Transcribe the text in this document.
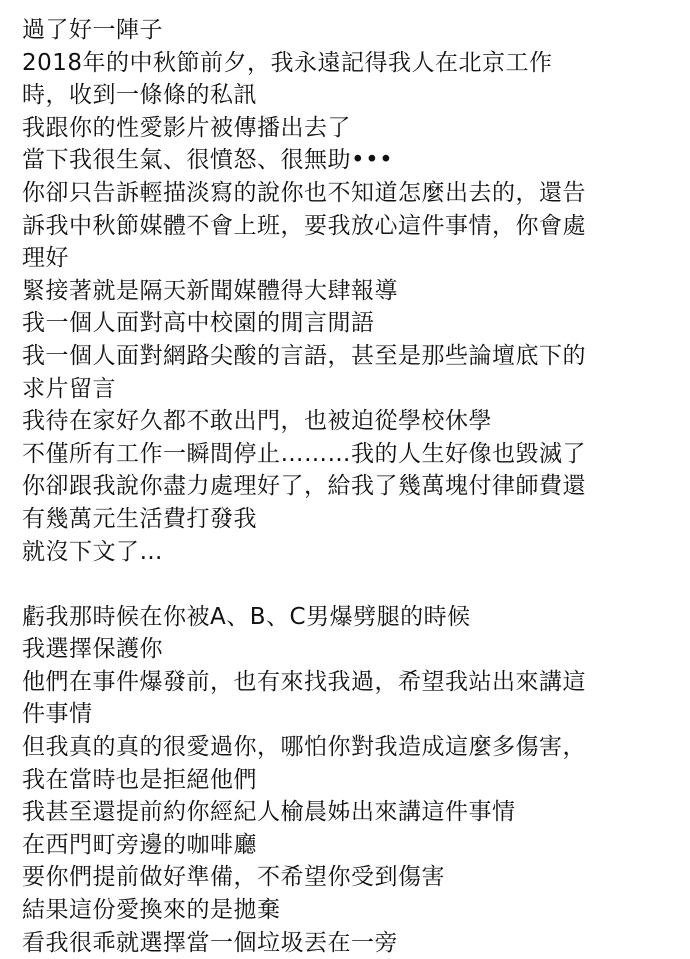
過了好一陣子
2018年的中秋節前夕，我永遠記得我人在北京工作
時，收到一條條的私訊
我跟你的性愛影片被傳播出去了
當下我很生氣、很憤怒、很無助•••
你卻只告訴輕描淡寫的說你也不知道怎麼出去的，還告
訴我中秋節媒體不會上班，要我放心這件事情，你會處
理好
緊接著就是隔天新聞媒體得大肆報導
我一個人面對高中校園的閒言閒語
我一個人面對網路尖酸的言語，甚至是那些論壇底下的
求片留言
我待在家好久都不敢出門，也被迫從學校休學
不僅所有工作一瞬間停止………我的人生好像也毀滅了
你卻跟我說你盡力處理好了，給我了幾萬塊付律師費還
有幾萬元生活費打發我
就沒下文了…
虧我那時候在你被A、B、C男爆劈腿的時候
我選擇保護你
他們在事件爆發前，也有來找我過，希望我站出來講這
件事情
但我真的真的很愛過你，哪怕你對我造成這麼多傷害，
我在當時也是拒絕他們
我甚至還提前約你經紀人榆晨姊出來講這件事情
在西門町旁邊的咖啡廳
要你們提前做好準備，不希望你受到傷害
結果這份愛換來的是拋棄
看我很乖就選擇當一個垃圾丟在一旁
